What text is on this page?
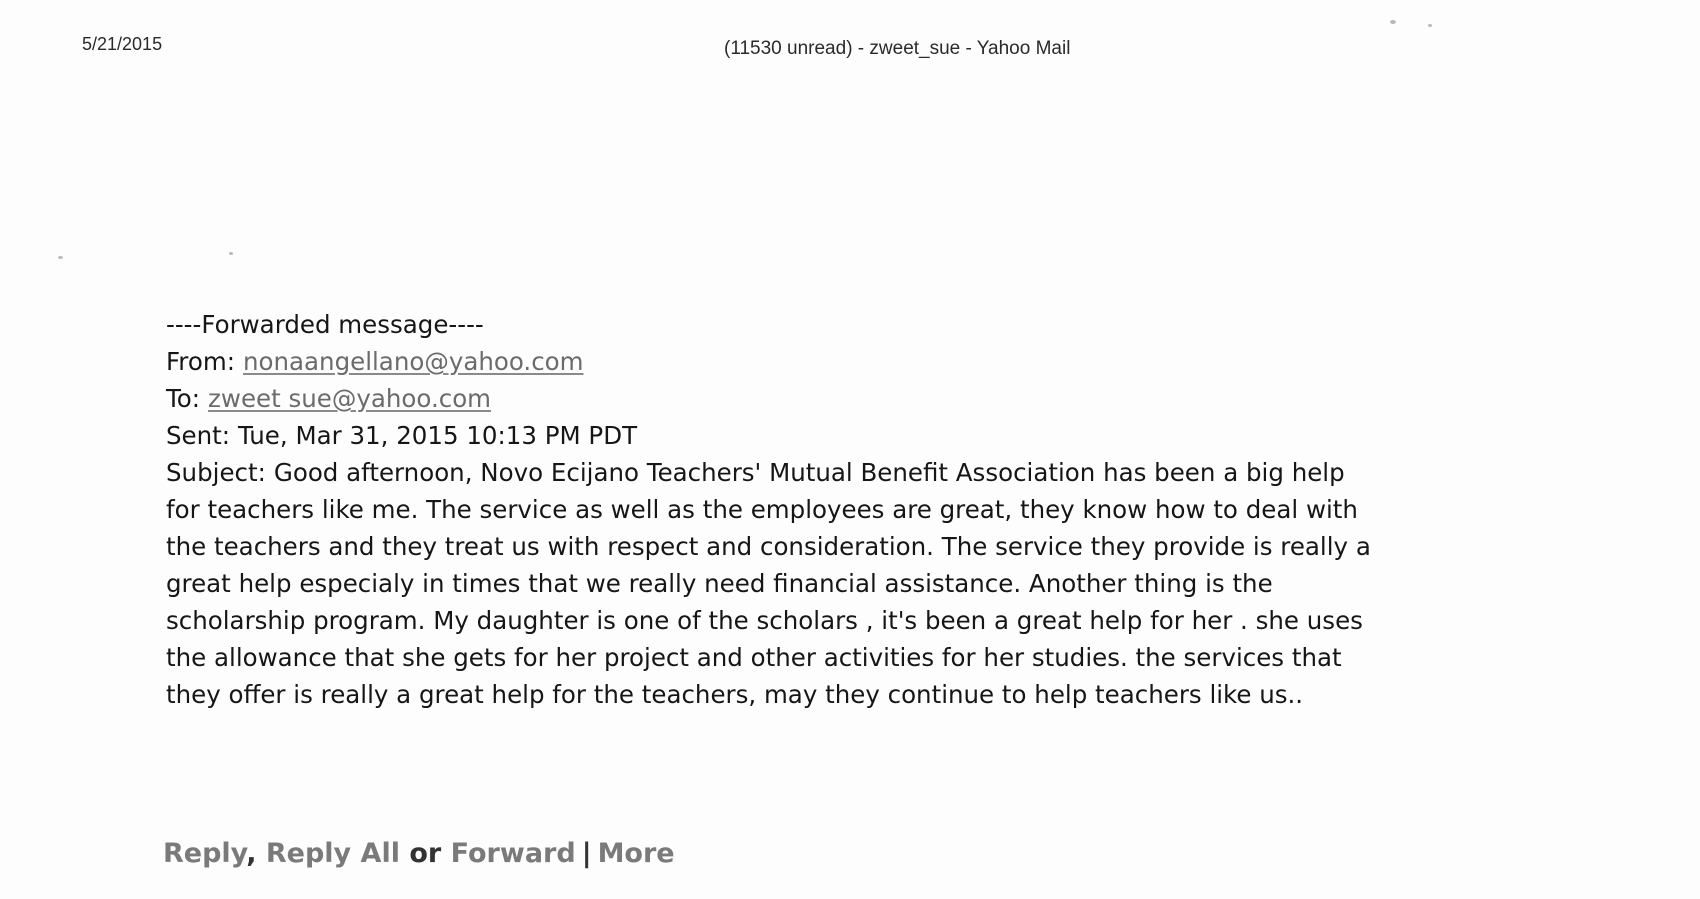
5/21/2015	(11530 unread) - zweet_sue - Yahoo Mail
----Forwarded message----
From: nonaangellano@yahoo.com
To: zweet sue@yahoo.com
Sent: Tue, Mar 31, 2015 10:13 PM PDT
Subject: Good afternoon, Novo Ecijano Teachers' Mutual Benefit Association has been a big help
for teachers like me. The service as well as the employees are great, they know how to deal with
the teachers and they treat us with respect and consideration. The service they provide is really a
great help especialy in times that we really need financial assistance. Another thing is the
scholarship program. My daughter is one of the scholars , it's been a great help for her . she uses
the allowance that she gets for her project and other activities for her studies. the services that
they offer is really a great help for the teachers, may they continue to help teachers like us..
Reply, Reply All or Forward | More
